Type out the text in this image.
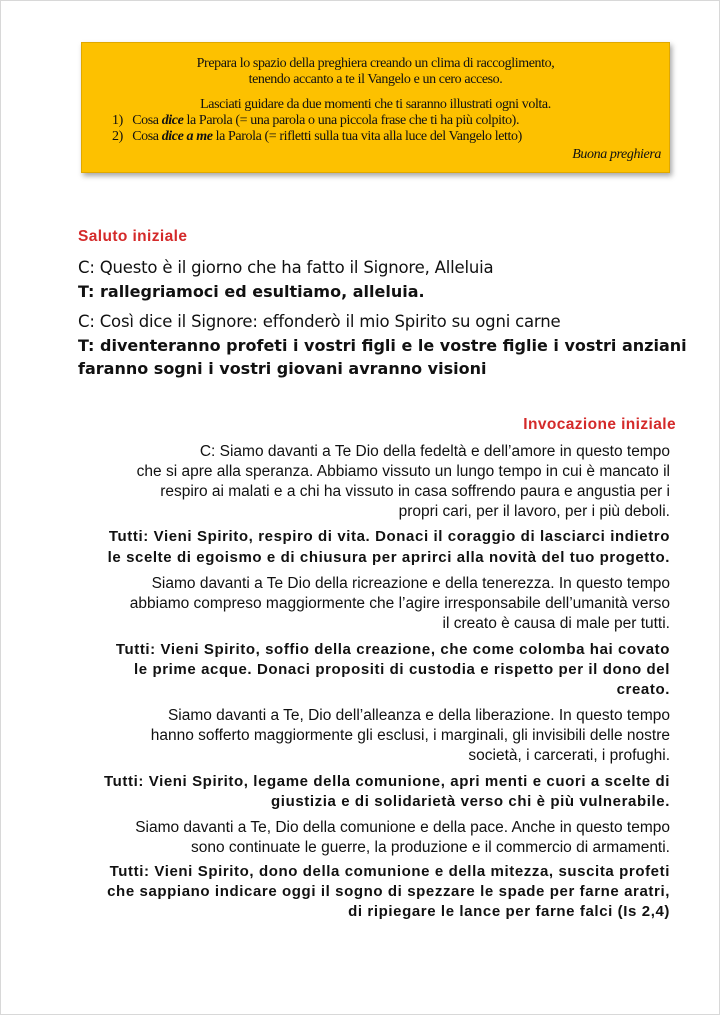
Prepara lo spazio della preghiera creando un clima di raccoglimento,
tenendo accanto a te il Vangelo e un cero acceso.
Lasciati guidare da due momenti che ti saranno illustrati ogni volta.
1) Cosa dice la Parola (= una parola o una piccola frase che ti ha più colpito).
2) Cosa dice a me la Parola (= rifletti sulla tua vita alla luce del Vangelo letto)
Buona preghiera
Saluto iniziale
C: Questo è il giorno che ha fatto il Signore, Alleluia
T: rallegriamoci ed esultiamo, alleluia.
C: Così dice il Signore: effonderò il mio Spirito su ogni carne
T: diventeranno profeti i vostri figli e le vostre figlie i vostri anziani
faranno sogni i vostri giovani avranno visioni
Invocazione iniziale
C: Siamo davanti a Te Dio della fedeltà e dell’amore in questo tempo
che si apre alla speranza. Abbiamo vissuto un lungo tempo in cui è mancato il
respiro ai malati e a chi ha vissuto in casa soffrendo paura e angustia per i
propri cari, per il lavoro, per i più deboli.
Tutti: Vieni Spirito, respiro di vita. Donaci il coraggio di lasciarci indietro
le scelte di egoismo e di chiusura per aprirci alla novità del tuo progetto.
Siamo davanti a Te Dio della ricreazione e della tenerezza. In questo tempo
abbiamo compreso maggiormente che l’agire irresponsabile dell’umanità verso
il creato è causa di male per tutti.
Tutti: Vieni Spirito, soffio della creazione, che come colomba hai covato
le prime acque. Donaci propositi di custodia e rispetto per il dono del
creato.
Siamo davanti a Te, Dio dell’alleanza e della liberazione. In questo tempo
hanno sofferto maggiormente gli esclusi, i marginali, gli invisibili delle nostre
società, i carcerati, i profughi.
Tutti: Vieni Spirito, legame della comunione, apri menti e cuori a scelte di
giustizia e di solidarietà verso chi è più vulnerabile.
Siamo davanti a Te, Dio della comunione e della pace. Anche in questo tempo
sono continuate le guerre, la produzione e il commercio di armamenti.
Tutti: Vieni Spirito, dono della comunione e della mitezza, suscita profeti
che sappiano indicare oggi il sogno di spezzare le spade per farne aratri,
di ripiegare le lance per farne falci (Is 2,4)
